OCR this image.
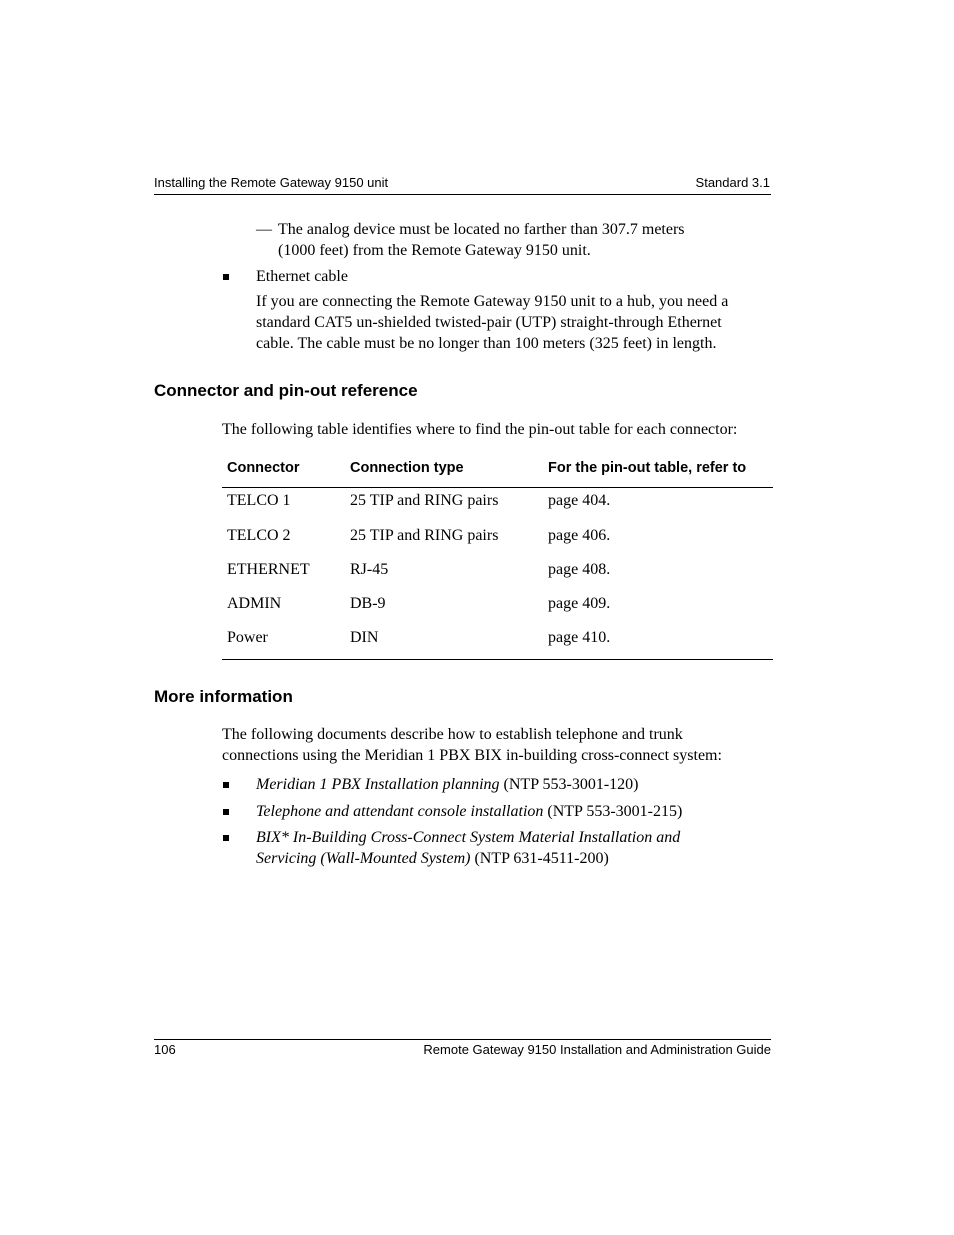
Installing the Remote Gateway 9150 unit	Standard 3.1
— The analog device must be located no farther than 307.7 meters
(1000 feet) from the Remote Gateway 9150 unit.
Ethernet cable
If you are connecting the Remote Gateway 9150 unit to a hub, you need a
standard CAT5 un-shielded twisted-pair (UTP) straight-through Ethernet
cable. The cable must be no longer than 100 meters (325 feet) in length.
Connector and pin-out reference
The following table identifies where to find the pin-out table for each connector:
Connector	Connection type	For the pin-out table, refer to
TELCO 1	25 TIP and RING pairs	page 404.
TELCO 2	25 TIP and RING pairs	page 406.
ETHERNET	RJ-45	page 408.
ADMIN	DB-9	page 409.
Power	DIN	page 410.
More information
The following documents describe how to establish telephone and trunk
connections using the Meridian 1 PBX BIX in-building cross-connect system:
Meridian 1 PBX Installation planning (NTP 553-3001-120)
Telephone and attendant console installation (NTP 553-3001-215)
BIX* In-Building Cross-Connect System Material Installation and
Servicing (Wall-Mounted System) (NTP 631-4511-200)
106	Remote Gateway 9150 Installation and Administration Guide
